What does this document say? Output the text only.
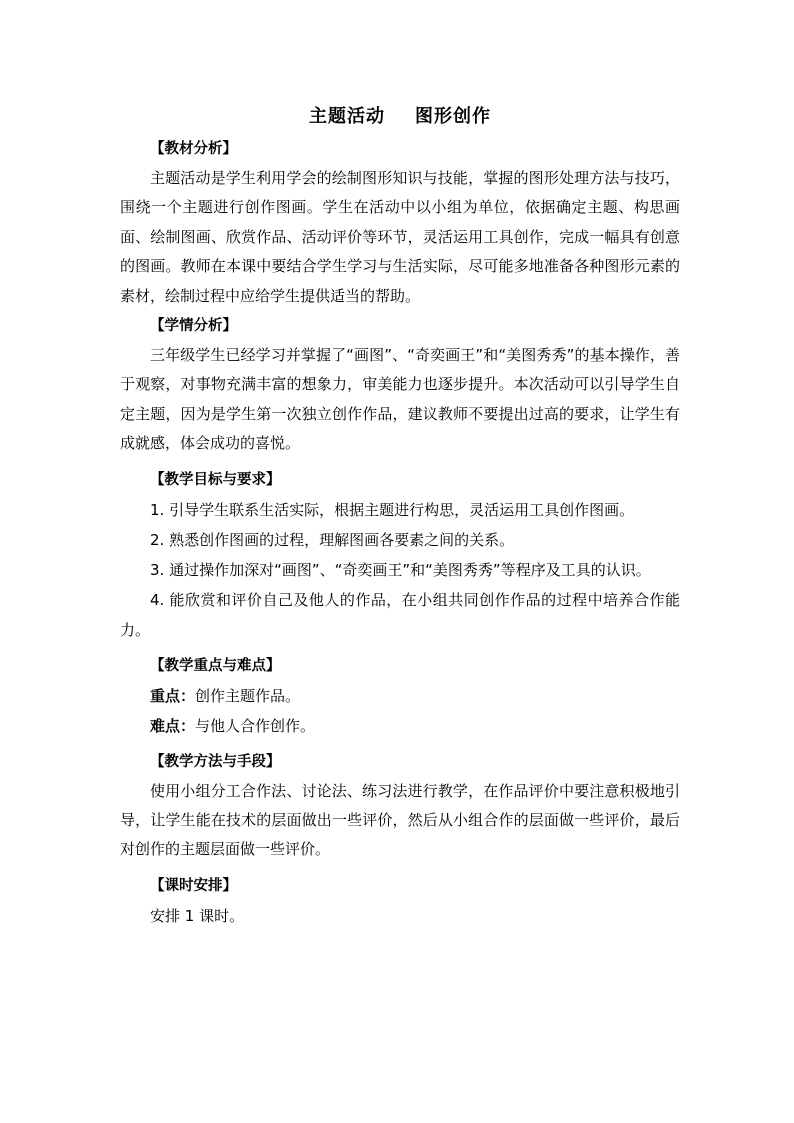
主题活动 图形创作
【教材分析】

主题活动是学生利用学会的绘制图形知识与技能，掌握的图形处理方法与技巧，围绕一个主题进行创作图画。学生在活动中以小组为单位，依据确定主题、构思画面、绘制图画、欣赏作品、活动评价等环节，灵活运用工具创作，完成一幅具有创意的图画。教师在本课中要结合学生学习与生活实际，尽可能多地准备各种图形元素的素材，绘制过程中应给学生提供适当的帮助。

【学情分析】

三年级学生已经学习并掌握了“画图”、“奇奕画王”和“美图秀秀”的基本操作，善于观察，对事物充满丰富的想象力，审美能力也逐步提升。本次活动可以引导学生自定主题，因为是学生第一次独立创作作品，建议教师不要提出过高的要求，让学生有成就感，体会成功的喜悦。

【教学目标与要求】

1. 引导学生联系生活实际，根据主题进行构思，灵活运用工具创作图画。

2. 熟悉创作图画的过程，理解图画各要素之间的关系。

3. 通过操作加深对“画图”、“奇奕画王”和“美图秀秀”等程序及工具的认识。

4. 能欣赏和评价自己及他人的作品，在小组共同创作作品的过程中培养合作能力。

【教学重点与难点】

重点：创作主题作品。

难点：与他人合作创作。

【教学方法与手段】

使用小组分工合作法、讨论法、练习法进行教学，在作品评价中要注意积极地引导，让学生能在技术的层面做出一些评价，然后从小组合作的层面做一些评价，最后对创作的主题层面做一些评价。

【课时安排】

安排 1 课时。
